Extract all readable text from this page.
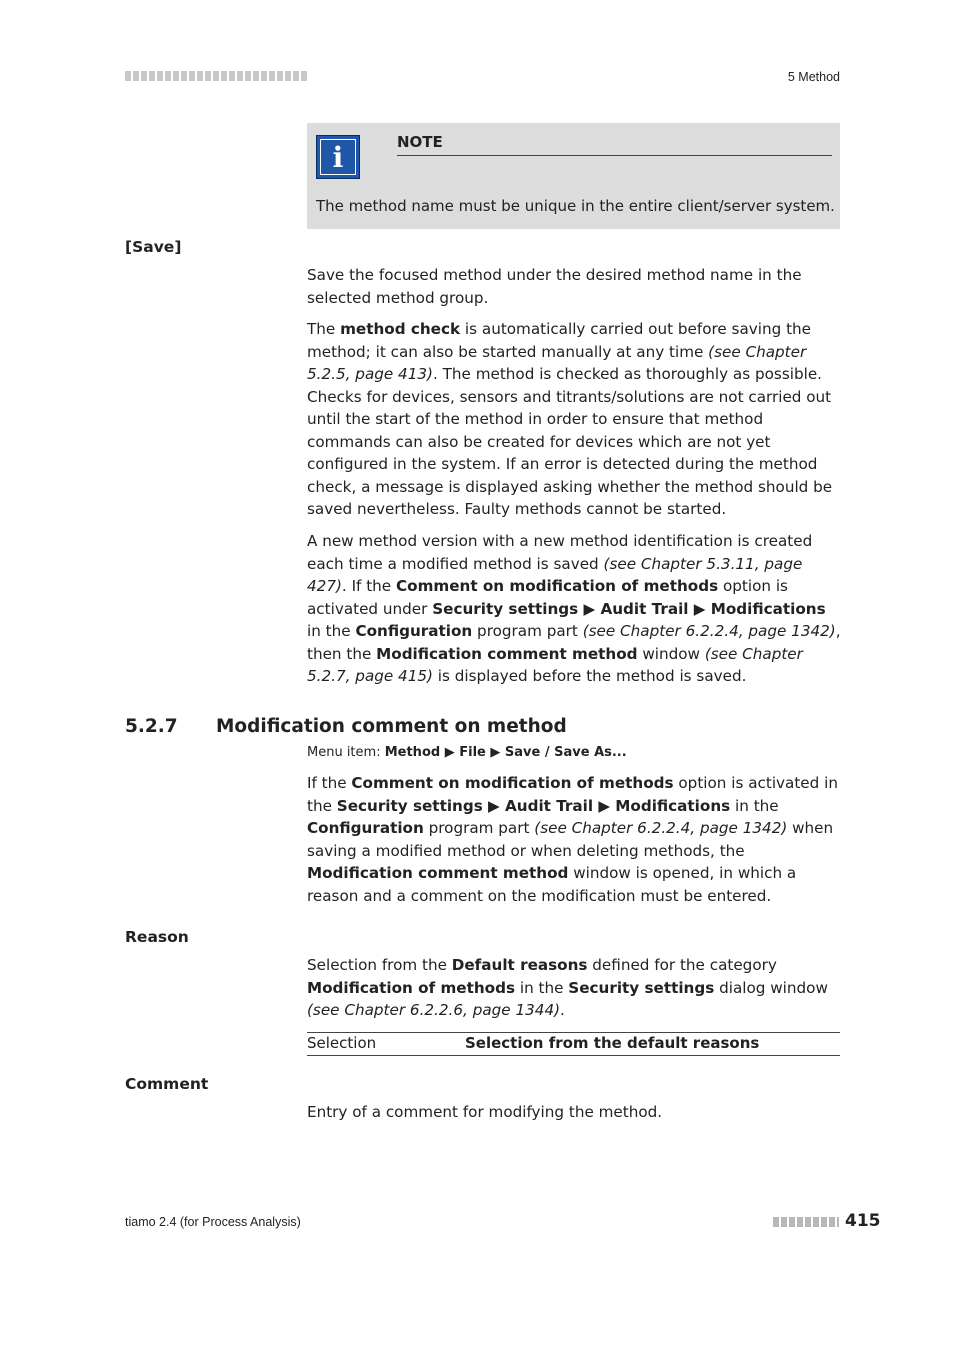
5 Method
i	NOTE
The method name must be unique in the entire client/server system.
[Save]

Save the focused method under the desired method name in the selected method group.

The method check is automatically carried out before saving the method; it can also be started manually at any time (see Chapter 5.2.5, page 413). The method is checked as thoroughly as possible. Checks for devices, sensors and titrants/solutions are not carried out until the start of the method in order to ensure that method commands can also be created for devices which are not yet configured in the system. If an error is detected during the method check, a message is displayed asking whether the method should be saved nevertheless. Faulty methods cannot be started.

A new method version with a new method identification is created each time a modified method is saved (see Chapter 5.3.11, page 427). If the Comment on modification of methods option is activated under Security settings ▶ Audit Trail ▶ Modifications in the Configuration program part (see Chapter 6.2.2.4, page 1342), then the Modification comment method window (see Chapter 5.2.7, page 415) is displayed before the method is saved.

5.2.7 Modification comment on method
Menu item: Method ▶ File ▶ Save / Save As...

If the Comment on modification of methods option is activated in the Security settings ▶ Audit Trail ▶ Modifications in the Configuration program part (see Chapter 6.2.2.4, page 1342) when saving a modified method or when deleting methods, the Modification comment method window is opened, in which a reason and a comment on the modification must be entered.

Reason

Selection from the Default reasons defined for the category Modification of methods in the Security settings dialog window (see Chapter 6.2.2.6, page 1344).

Selection	Selection from the default reasons
Comment

Entry of a comment for modifying the method.

tiamo 2.4 (for Process Analysis)	415
